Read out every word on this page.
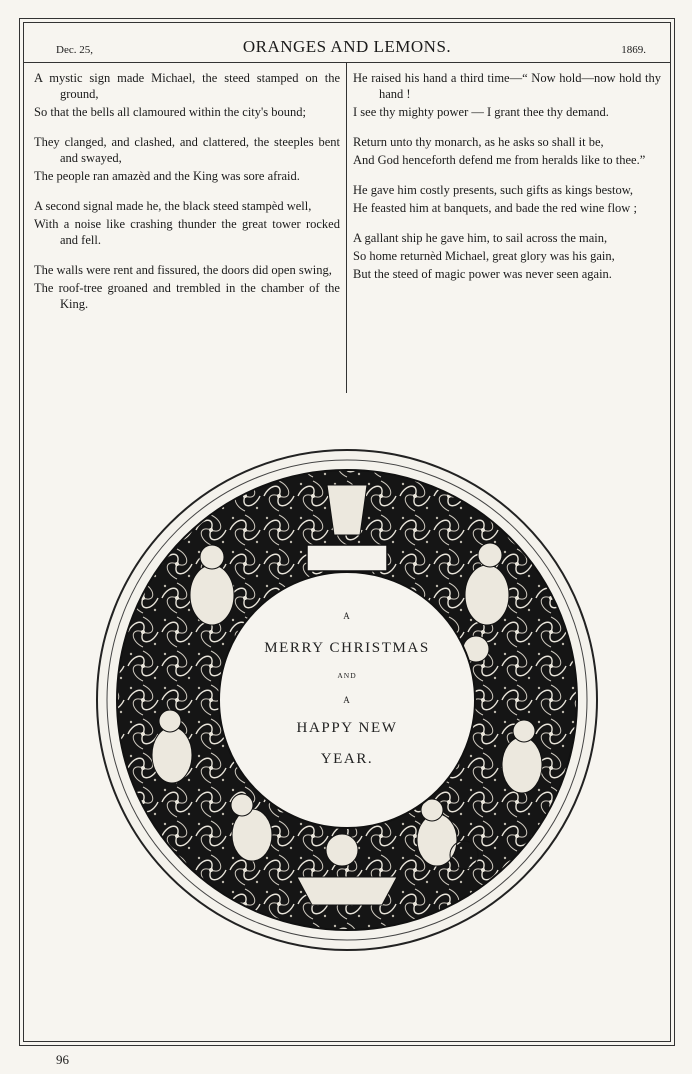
Dec. 25,	ORANGES AND LEMONS.	1869.

A mystic sign made Michael, the steed stamped on the ground,

So that the bells all clamoured within the city's bound;

They clanged, and clashed, and clattered, the steeples bent and swayed,

The people ran amazèd and the King was sore afraid.

A second signal made he, the black steed stampèd well,

With a noise like crashing thunder the great tower rocked and fell.

The walls were rent and fissured, the doors did open swing,

The roof-tree groaned and trembled in the chamber of the King.

He raised his hand a third time—“ Now hold—now hold thy hand !

I see thy mighty power — I grant thee thy demand.

Return unto thy monarch, as he asks so shall it be,

And God henceforth defend me from heralds like to thee.”

He gave him costly presents, such gifts as kings bestow,

He feasted him at banquets, and bade the red wine flow ;

A gallant ship he gave him, to sail across the main,

So home returnèd Michael, great glory was his gain,

But the steed of magic power was never seen again.

A
MERRY CHRISTMAS
AND
A
HAPPY NEW
YEAR.
96
